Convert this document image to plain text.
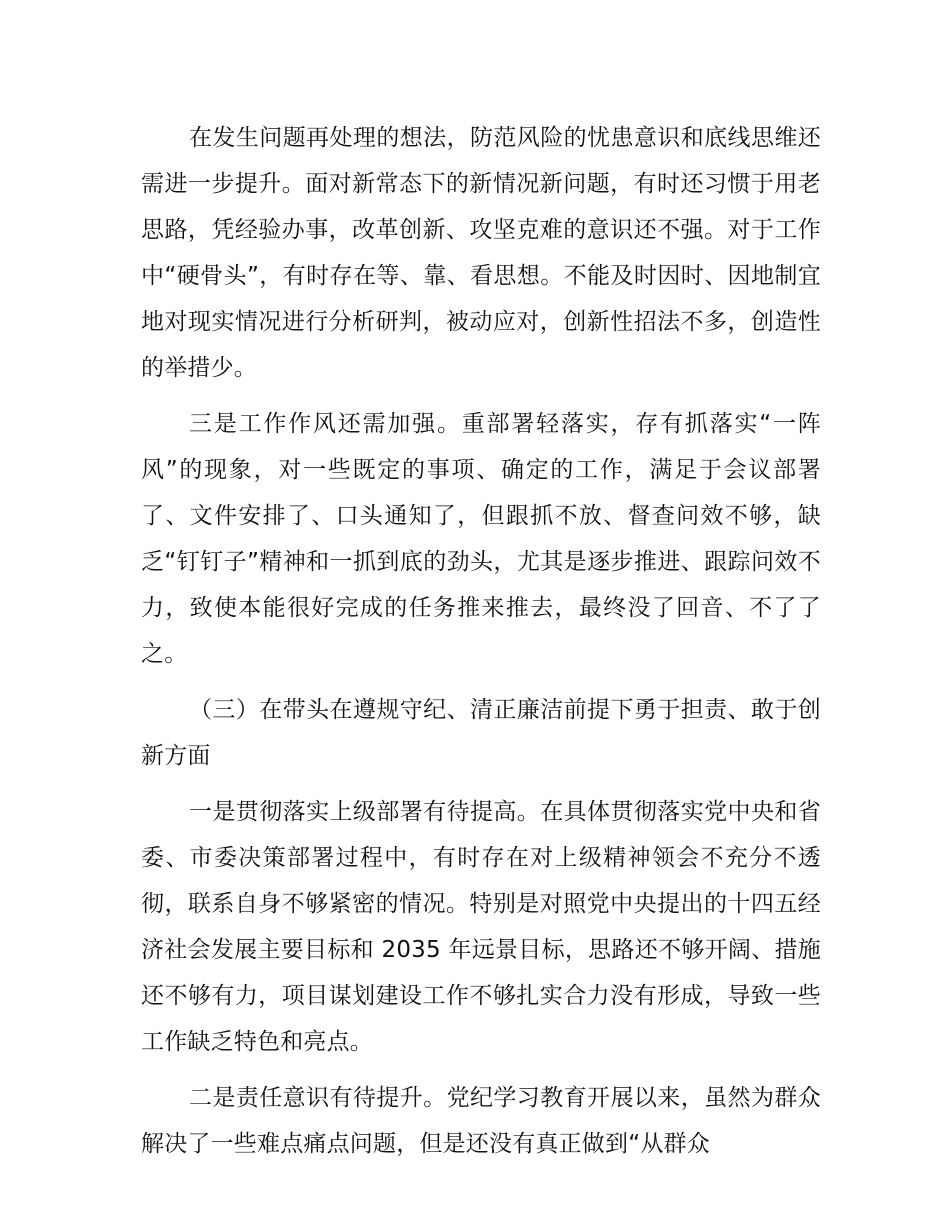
在发生问题再处理的想法，防范风险的忧患意识和底线思维还需进一步提升。面对新常态下的新情况新问题，有时还习惯于用老思路，凭经验办事，改革创新、攻坚克难的意识还不强。对于工作中“硬骨头”，有时存在等、靠、看思想。不能及时因时、因地制宜地对现实情况进行分析研判，被动应对，创新性招法不多，创造性的举措少。

三是工作作风还需加强。重部署轻落实，存有抓落实“一阵风”的现象，对一些既定的事项、确定的工作，满足于会议部署了、文件安排了、口头通知了，但跟抓不放、督查问效不够，缺乏“钉钉子”精神和一抓到底的劲头，尤其是逐步推进、跟踪问效不力，致使本能很好完成的任务推来推去，最终没了回音、不了了之。

（三）在带头在遵规守纪、清正廉洁前提下勇于担责、敢于创新方面

一是贯彻落实上级部署有待提高。在具体贯彻落实党中央和省委、市委决策部署过程中，有时存在对上级精神领会不充分不透彻，联系自身不够紧密的情况。特别是对照党中央提出的十四五经济社会发展主要目标和 2035 年远景目标，思路还不够开阔、措施还不够有力，项目谋划建设工作不够扎实合力没有形成，导致一些工作缺乏特色和亮点。

二是责任意识有待提升。党纪学习教育开展以来，虽然为群众解决了一些难点痛点问题，但是还没有真正做到“从群众
